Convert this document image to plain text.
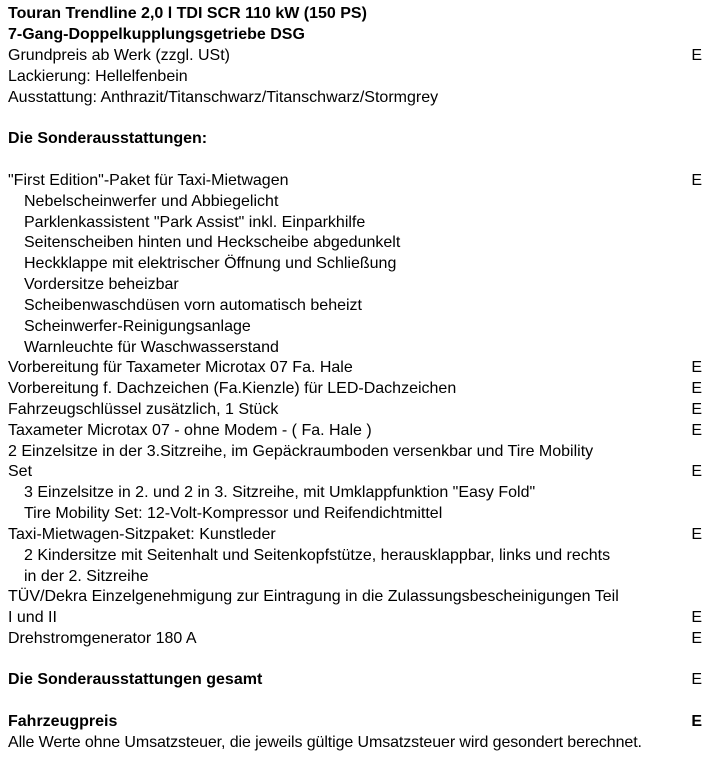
Touran Trendline 2,0 l TDI SCR 110 kW (150 PS)
7-Gang-Doppelkupplungsgetriebe DSG
Grundpreis ab Werk (zzgl. USt)	E
Lackierung: Hellelfenbein
Ausstattung: Anthrazit/Titanschwarz/Titanschwarz/Stormgrey
Die Sonderausstattungen:
"First Edition"-Paket für Taxi-Mietwagen	E
Nebelscheinwerfer und Abbiegelicht
Parklenkassistent "Park Assist" inkl. Einparkhilfe
Seitenscheiben hinten und Heckscheibe abgedunkelt
Heckklappe mit elektrischer Öffnung und Schließung
Vordersitze beheizbar
Scheibenwaschdüsen vorn automatisch beheizt
Scheinwerfer-Reinigungsanlage
Warnleuchte für Waschwasserstand
Vorbereitung für Taxameter Microtax 07 Fa. Hale	E
Vorbereitung f. Dachzeichen (Fa.Kienzle) für LED-Dachzeichen	E
Fahrzeugschlüssel zusätzlich, 1 Stück	E
Taxameter Microtax 07 - ohne Modem - ( Fa. Hale )	E
2 Einzelsitze in der 3.Sitzreihe, im Gepäckraumboden versenkbar und Tire Mobility
Set	E
3 Einzelsitze in 2. und 2 in 3. Sitzreihe, mit Umklappfunktion "Easy Fold"
Tire Mobility Set: 12-Volt-Kompressor und Reifendichtmittel
Taxi-Mietwagen-Sitzpaket: Kunstleder	E
2 Kindersitze mit Seitenhalt und Seitenkopfstütze, herausklappbar, links und rechts
in der 2. Sitzreihe
TÜV/Dekra Einzelgenehmigung zur Eintragung in die Zulassungsbescheinigungen Teil
I und II	E
Drehstromgenerator 180 A	E
Die Sonderausstattungen gesamt	E
Fahrzeugpreis	E
Alle Werte ohne Umsatzsteuer, die jeweils gültige Umsatzsteuer wird gesondert berechnet.
